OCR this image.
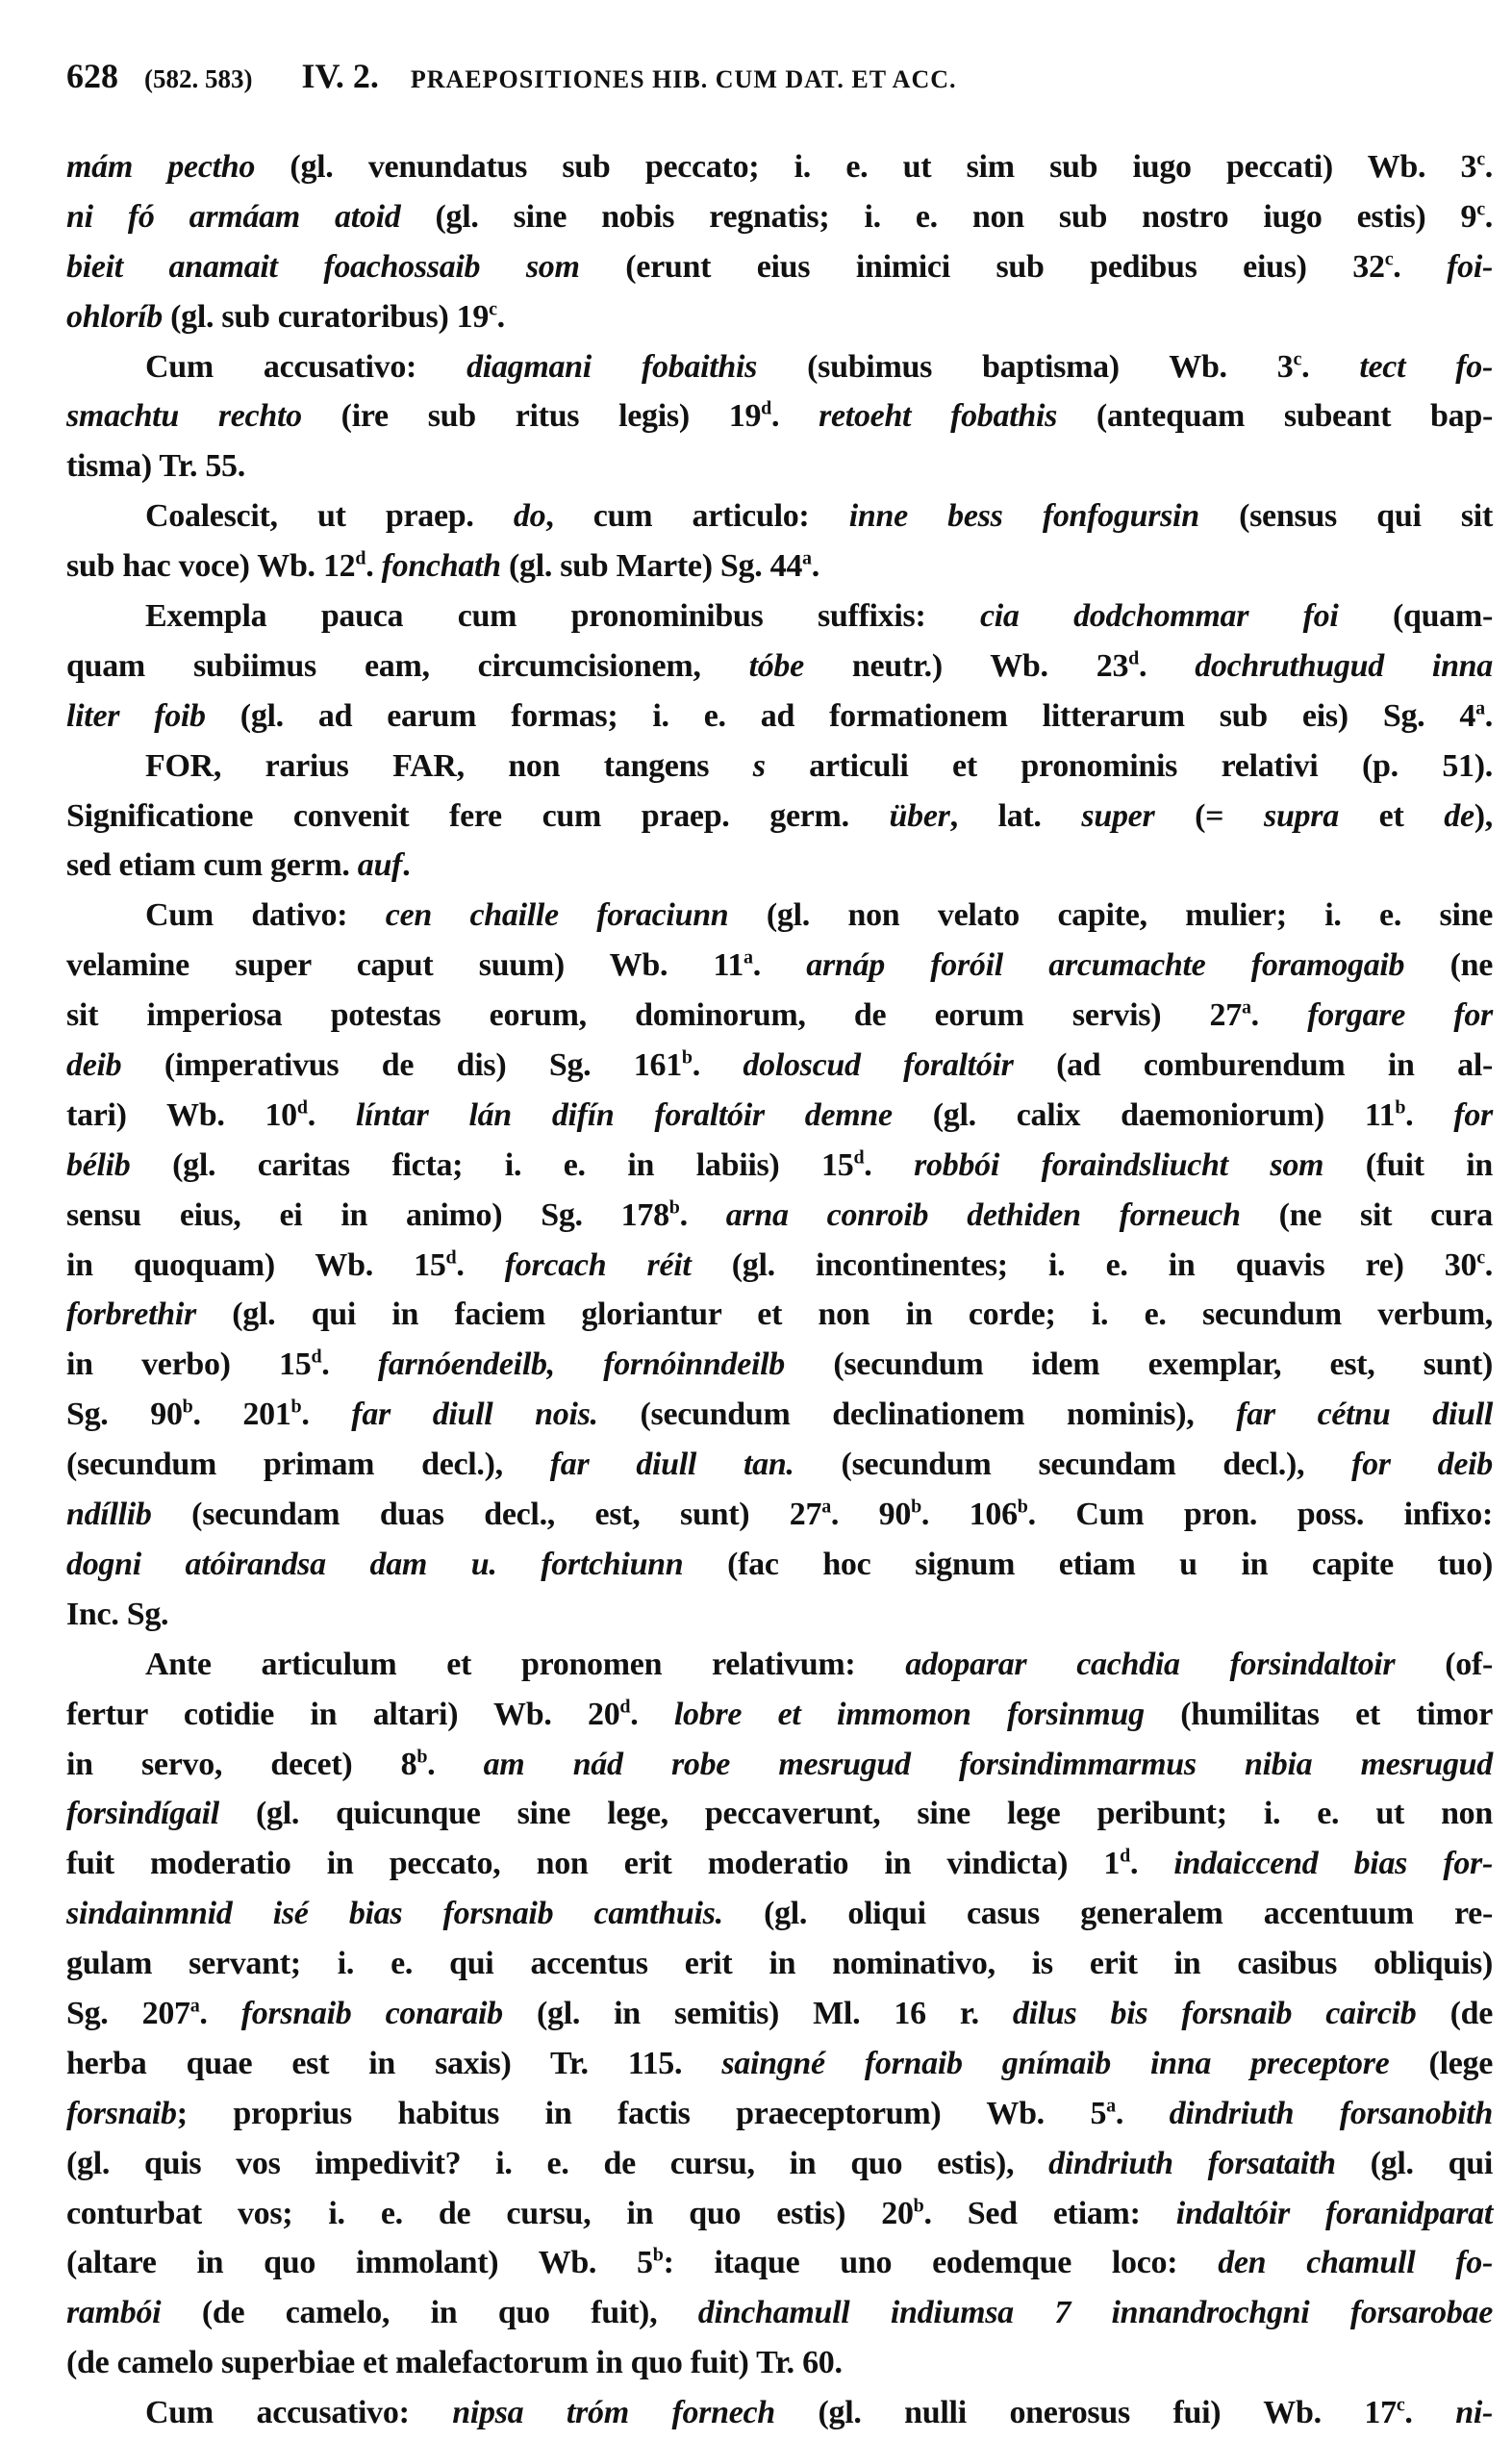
628 (582. 583) IV. 2. PRAEPOSITIONES HIB. CUM DAT. ET ACC.
mám pectho (gl. venundatus sub peccato; i. e. ut sim sub iugo peccati) Wb. 3$^c$.
ni fó armáam atoid (gl. sine nobis regnatis; i. e. non sub nostro iugo estis) 9$^c$.
bieit anamait foachossaib som (erunt eius inimici sub pedibus eius) 32$^c$. foi-
ohloríb (gl. sub curatoribus) 19$^c$.
Cum accusativo: diagmani fobaithis (subimus baptisma) Wb. 3$^c$. tect fo-
smachtu rechto (ire sub ritus legis) 19$^d$. retoeht fobathis (antequam subeant bap-
tisma) Tr. 55.
Coalescit, ut praep. do, cum articulo: inne bess fonfogursin (sensus qui sit
sub hac voce) Wb. 12$^d$. fonchath (gl. sub Marte) Sg. 44$^a$.
Exempla pauca cum pronominibus suffixis: cia dodchommar foi (quam-
quam subiimus eam, circumcisionem, tóbe neutr.) Wb. 23$^d$. dochruthugud inna
liter foib (gl. ad earum formas; i. e. ad formationem litterarum sub eis) Sg. 4$^a$.
FOR, rarius FAR, non tangens s articuli et pronominis relativi (p. 51).
Significatione convenit fere cum praep. germ. über, lat. super (= supra et de),
sed etiam cum germ. auf.
Cum dativo: cen chaille foraciunn (gl. non velato capite, mulier; i. e. sine
velamine super caput suum) Wb. 11$^a$. arnáp foróil arcumachte foramogaib (ne
sit imperiosa potestas eorum, dominorum, de eorum servis) 27$^a$. forgare for
deib (imperativus de dis) Sg. 161$^b$. doloscud foraltóir (ad comburendum in al-
tari) Wb. 10$^d$. líntar lán difín foraltóir demne (gl. calix daemoniorum) 11$^b$. for
bélib (gl. caritas ficta; i. e. in labiis) 15$^d$. robbói foraindsliucht som (fuit in
sensu eius, ei in animo) Sg. 178$^b$. arna conroib dethiden forneuch (ne sit cura
in quoquam) Wb. 15$^d$. forcach réit (gl. incontinentes; i. e. in quavis re) 30$^c$.
forbrethir (gl. qui in faciem gloriantur et non in corde; i. e. secundum verbum,
in verbo) 15$^d$. farnóendeilb, fornóinndeilb (secundum idem exemplar, est, sunt)
Sg. 90$^b$. 201$^b$. far diull nois. (secundum declinationem nominis), far cétnu diull
(secundum primam decl.), far diull tan. (secundum secundam decl.), for deib
ndíllib (secundam duas decl., est, sunt) 27$^a$. 90$^b$. 106$^b$. Cum pron. poss. infixo:
dogni atóirandsa dam u. fortchiunn (fac hoc signum etiam u in capite tuo)
Inc. Sg.
Ante articulum et pronomen relativum: adoparar cachdia forsindaltoir (of-
fertur cotidie in altari) Wb. 20$^d$. lobre et immomon forsinmug (humilitas et timor
in servo, decet) 8$^b$. am nád robe mesrugud forsindimmarmus nibia mesrugud
forsindígail (gl. quicunque sine lege, peccaverunt, sine lege peribunt; i. e. ut non
fuit moderatio in peccato, non erit moderatio in vindicta) 1$^d$. indaiccend bias for-
sindainmnid isé bias forsnaib camthuis. (gl. oliqui casus generalem accentuum re-
gulam servant; i. e. qui accentus erit in nominativo, is erit in casibus obliquis)
Sg. 207$^a$. forsnaib conaraib (gl. in semitis) Ml. 16 r. dilus bis forsnaib caircib (de
herba quae est in saxis) Tr. 115. saingné fornaib gnímaib inna preceptore (lege
forsnaib; proprius habitus in factis praeceptorum) Wb. 5$^a$. dindriuth forsanobith
(gl. quis vos impedivit? i. e. de cursu, in quo estis), dindriuth forsataith (gl. qui
conturbat vos; i. e. de cursu, in quo estis) 20$^b$. Sed etiam: indaltóir foranidparat
(altare in quo immolant) Wb. 5$^b$: itaque uno eodemque loco: den chamull fo-
rambói (de camelo, in quo fuit), dinchamull indiumsa 7 innandrochgni forsarobae
(de camelo superbiae et malefactorum in quo fuit) Tr. 60.
Cum accusativo: nipsa tróm fornech (gl. nulli onerosus fui) Wb. 17$^c$. ni-
